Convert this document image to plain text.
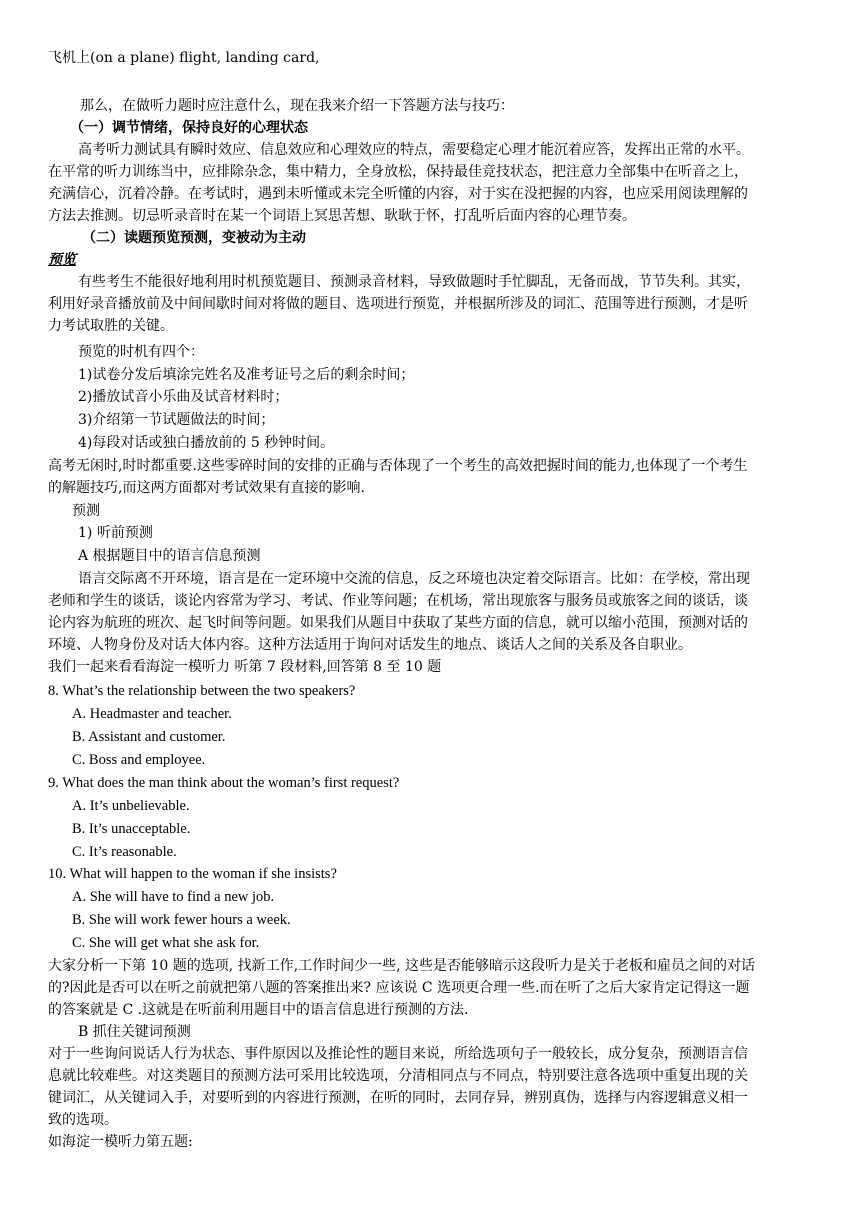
飞机上(on a plane) flight, landing card,
那么，在做听力题时应注意什么，现在我来介绍一下答题方法与技巧：
（一）调节情绪，保持良好的心理状态
高考听力测试具有瞬时效应、信息效应和心理效应的特点，需要稳定心理才能沉着应答，发挥出正常的水平。
在平常的听力训练当中，应排除杂念，集中精力，全身放松，保持最佳竞技状态，把注意力全部集中在听音之上，
充满信心，沉着冷静。在考试时，遇到未听懂或未完全听懂的内容，对于实在没把握的内容，也应采用阅读理解的
方法去推测。切忌听录音时在某一个词语上冥思苦想、耿耿于怀，打乱听后面内容的心理节奏。
（二）读题预览预测，变被动为主动
预览
有些考生不能很好地利用时机预览题目、预测录音材料，导致做题时手忙脚乱，无备而战，节节失利。其实，
利用好录音播放前及中间间歇时间对将做的题目、选项进行预览，并根据所涉及的词汇、范围等进行预测，才是听
力考试取胜的关键。
预览的时机有四个：
1)试卷分发后填涂完姓名及准考证号之后的剩余时间；
2)播放试音小乐曲及试音材料时；
3)介绍第一节试题做法的时间；
4)每段对话或独白播放前的 5 秒钟时间。
高考无闲时,时时都重要.这些零碎时间的安排的正确与否体现了一个考生的高效把握时间的能力,也体现了一个考生
的解题技巧,而这两方面都对考试效果有直接的影响.
预测
1) 听前预测
A 根据题目中的语言信息预测
语言交际离不开环境，语言是在一定环境中交流的信息，反之环境也决定着交际语言。比如：在学校，常出现
老师和学生的谈话，谈论内容常为学习、考试、作业等问题；在机场，常出现旅客与服务员或旅客之间的谈话，谈
论内容为航班的班次、起飞时间等问题。如果我们从题目中获取了某些方面的信息，就可以缩小范围，预测对话的
环境、人物身份及对话大体内容。这种方法适用于询问对话发生的地点、谈话人之间的关系及各自职业。
我们一起来看看海淀一模听力 听第 7 段材料,回答第 8 至 10 题
8. What’s the relationship between the two speakers?
A. Headmaster and teacher.
B. Assistant and customer.
C. Boss and employee.
9. What does the man think about the woman’s first request?
A. It’s unbelievable.
B. It’s unacceptable.
C. It’s reasonable.
10. What will happen to the woman if she insists?
A. She will have to find a new job.
B. She will work fewer hours a week.
C. She will get what she ask for.
大家分析一下第 10 题的选项, 找新工作,工作时间少一些, 这些是否能够暗示这段听力是关于老板和雇员之间的对话
的?因此是否可以在听之前就把第八题的答案推出来? 应该说 C 选项更合理一些.而在听了之后大家肯定记得这一题
的答案就是 C .这就是在听前利用题目中的语言信息进行预测的方法.
B 抓住关键词预测
对于一些询问说话人行为状态、事件原因以及推论性的题目来说，所给选项句子一般较长，成分复杂，预测语言信
息就比较难些。对这类题目的预测方法可采用比较选项，分清相同点与不同点，特别要注意各选项中重复出现的关
键词汇，从关键词入手，对要听到的内容进行预测，在听的同时，去同存异，辨别真伪，选择与内容逻辑意义相一
致的选项。
如海淀一模听力第五题:
